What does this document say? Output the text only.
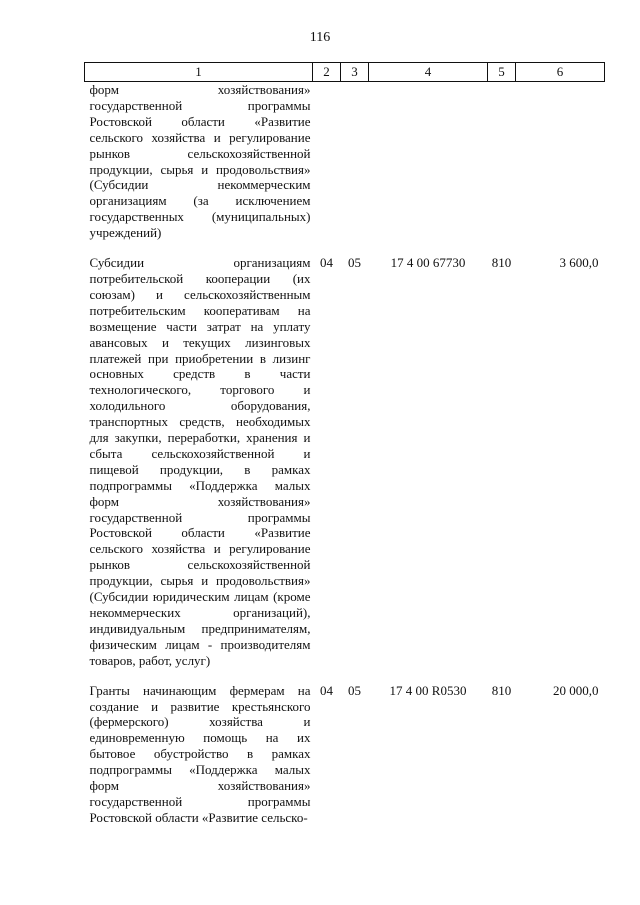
116
1	2	3	4	5	6
форм хозяйствования» государственной программы Ростовской области «Развитие сельского хозяйства и регулирование рынков сельскохозяйственной продукции, сырья и продовольствия» (Субсидии некоммерческим организациям (за исключением государственных (муниципальных) учреждений)					

Субсидии организациям потребительской кооперации (их союзам) и сельскохозяйственным потребительским кооперативам на возмещение части затрат на уплату авансовых и текущих лизинговых платежей при приобретении в лизинг основных средств в части технологического, торгового и холодильного оборудования, транспортных средств, необходимых для закупки, переработки, хранения и сбыта сельскохозяйственной и пищевой продукции, в рамках подпрограммы «Поддержка малых форм хозяйствования» государственной программы Ростовской области «Развитие сельского хозяйства и регулирование рынков сельскохозяйственной продукции, сырья и продовольствия» (Субсидии юридическим лицам (кроме некоммерческих организаций), индивидуальным предпринимателям, физическим лицам - производителям товаров, работ, услуг)	04	05	17 4 00 67730	810	3 600,0

Гранты начинающим фермерам на создание и развитие крестьянского (фермерского) хозяйства и единовременную помощь на их бытовое обустройство в рамках подпрограммы «Поддержка малых форм хозяйствования» государственной программы Ростовской области «Развитие сельско-	04	05	17 4 00 R0530	810	20 000,0
